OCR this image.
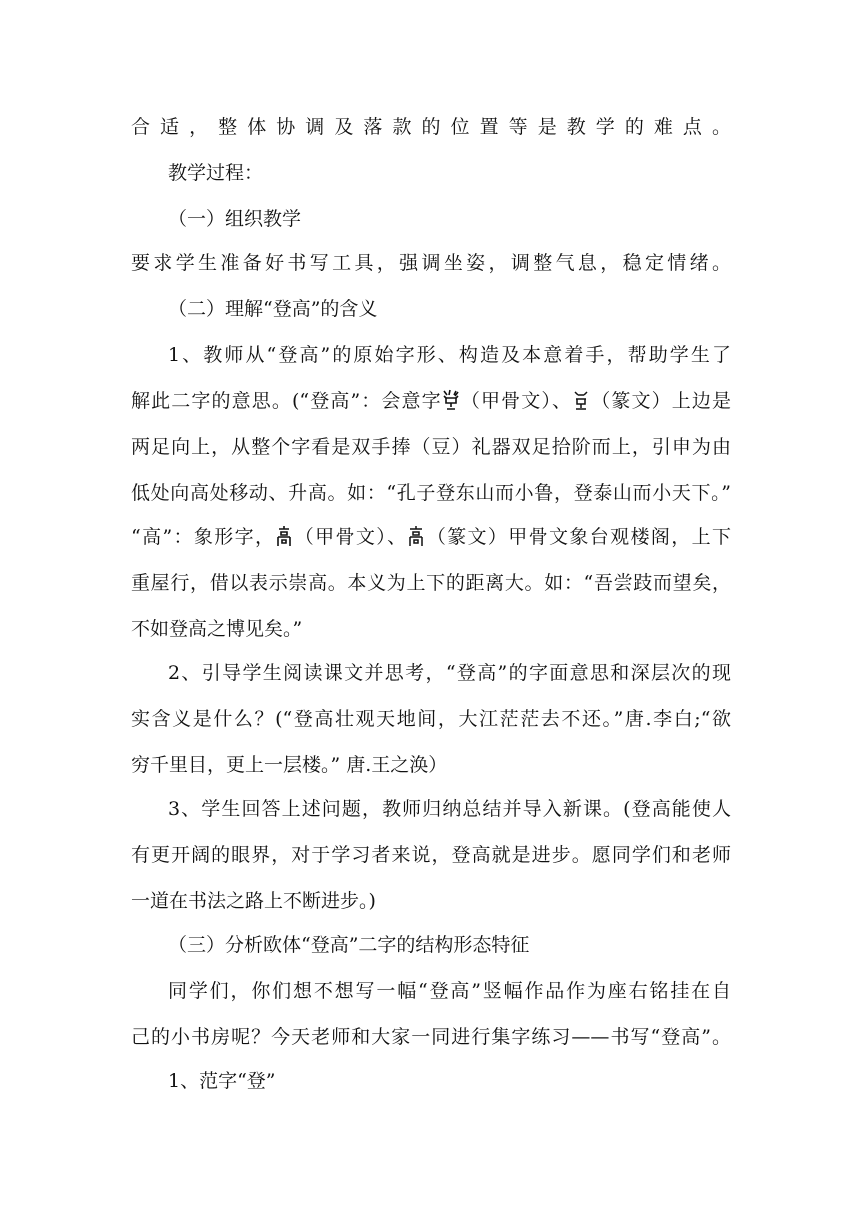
合适，整体协调及落款的位置等是教学的难点。
教学过程：
（一）组织教学
要求学生准备好书写工具，强调坐姿，调整气息，稳定情绪。
（二）理解“登高”的含义
1、教师从“登高”的原始字形、构造及本意着手，帮助学生了
解此二字的意思。(“登高”：会意字 （甲骨文）、 （篆文）上边是
两足向上，从整个字看是双手捧（豆）礼器双足拾阶而上，引申为由
低处向高处移动、升高。如：“孔子登东山而小鲁，登泰山而小天下。”
“高”：象形字， （甲骨文）、 （篆文）甲骨文象台观楼阁，上下
重屋行，借以表示崇高。本义为上下的距离大。如：“吾尝跂而望矣，
不如登高之博见矣。”
2、引导学生阅读课文并思考，“登高”的字面意思和深层次的现
实含义是什么？(“登高壮观天地间，大江茫茫去不还。”唐.李白;“欲
穷千里目，更上一层楼。” 唐.王之涣）
3、学生回答上述问题，教师归纳总结并导入新课。(登高能使人
有更开阔的眼界，对于学习者来说，登高就是进步。愿同学们和老师
一道在书法之路上不断进步。)
（三）分析欧体“登高”二字的结构形态特征
同学们，你们想不想写一幅“登高”竖幅作品作为座右铭挂在自
己的小书房呢？今天老师和大家一同进行集字练习——书写“登高”。
1、范字“登”
